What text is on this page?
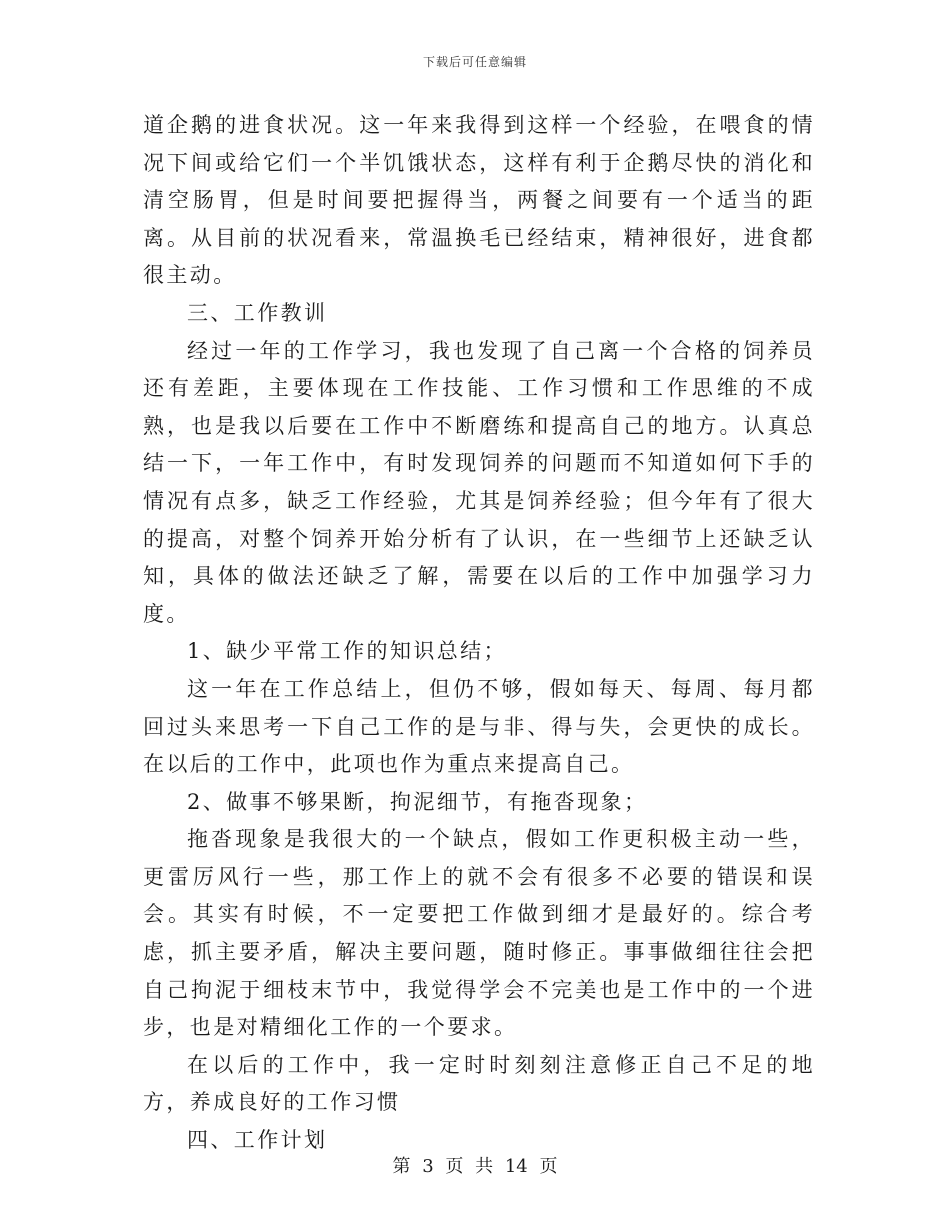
下载后可任意编辑

道企鹅的进食状况。这一年来我得到这样一个经验，在喂食的情况下间或给它们一个半饥饿状态，这样有利于企鹅尽快的消化和清空肠胃，但是时间要把握得当，两餐之间要有一个适当的距离。从目前的状况看来，常温换毛已经结束，精神很好，进食都很主动。

三、工作教训

经过一年的工作学习，我也发现了自己离一个合格的饲养员还有差距，主要体现在工作技能、工作习惯和工作思维的不成熟，也是我以后要在工作中不断磨练和提高自己的地方。认真总结一下，一年工作中，有时发现饲养的问题而不知道如何下手的情况有点多，缺乏工作经验，尤其是饲养经验；但今年有了很大的提高，对整个饲养开始分析有了认识，在一些细节上还缺乏认知，具体的做法还缺乏了解，需要在以后的工作中加强学习力度。

1、缺少平常工作的知识总结；

这一年在工作总结上，但仍不够，假如每天、每周、每月都回过头来思考一下自己工作的是与非、得与失，会更快的成长。在以后的工作中，此项也作为重点来提高自己。

2、做事不够果断，拘泥细节，有拖沓现象；

拖沓现象是我很大的一个缺点，假如工作更积极主动一些，更雷厉风行一些，那工作上的就不会有很多不必要的错误和误会。其实有时候，不一定要把工作做到细才是最好的。综合考虑，抓主要矛盾，解决主要问题，随时修正。事事做细往往会把自己拘泥于细枝末节中，我觉得学会不完美也是工作中的一个进步，也是对精细化工作的一个要求。

在以后的工作中，我一定时时刻刻注意修正自己不足的地方，养成良好的工作习惯

四、工作计划

第 3 页 共 14 页
